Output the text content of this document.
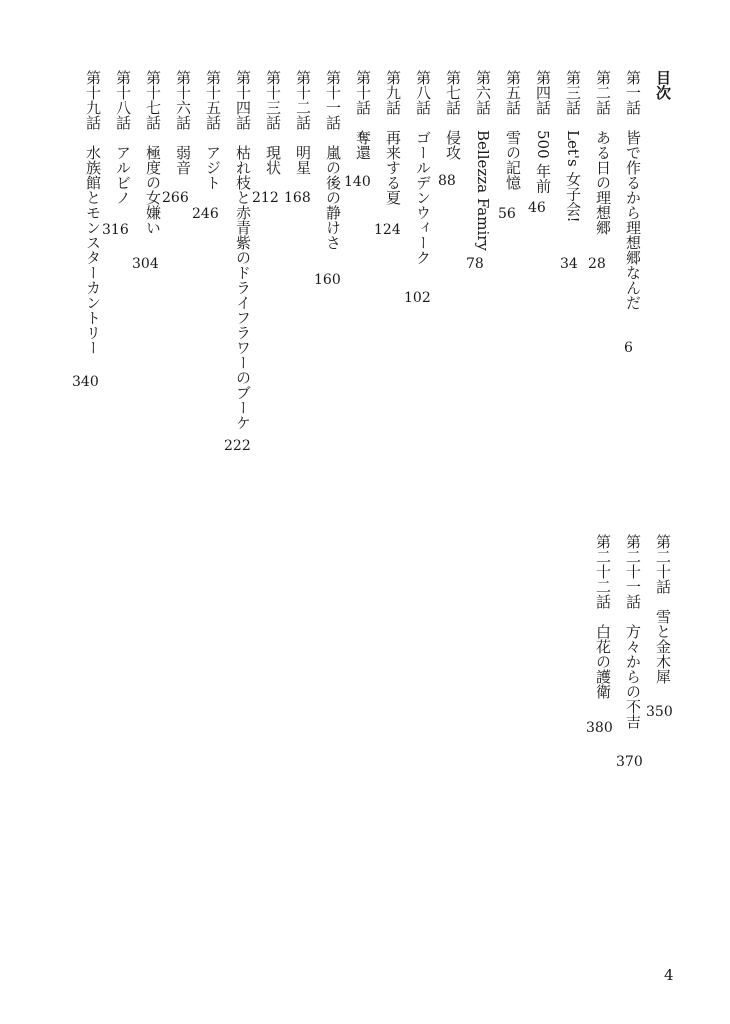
目次
第一話　皆で作るから理想郷なんだ
6
第二話　ある日の理想郷
28
第三話　Let's 女子会!
34
第四話　500 年前
46
第五話　雪の記憶
56
第六話　Bellezza Famiry
78
第七話　侵攻
88
第八話　ゴールデンウィーク
102
第九話　再来する夏
124
第十話　奪還
140
第十一話　嵐の後の静けさ
160
第十二話　明星
168
第十三話　現状
212
第十四話　枯れ枝と赤青紫のドライフラワーのブーケ
222
第十五話　アジト
246
第十六話　弱音
266
第十七話　極度の女嫌い
304
第十八話　アルビノ
316
第十九話　水族館とモンスターカントリー
340
第二十話　雪と金木犀
350
第二十一話　方々からの不吉
370
第二十二話　白花の護衛
380
4
